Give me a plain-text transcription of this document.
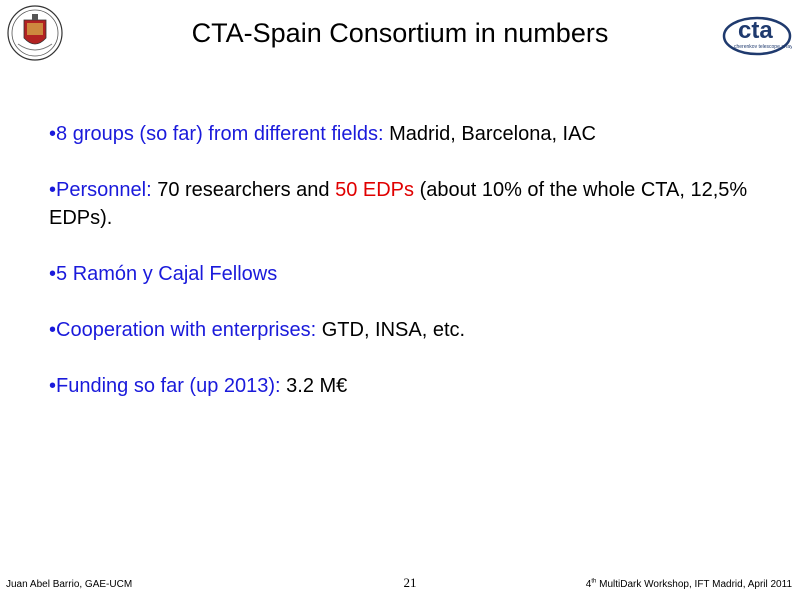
CTA-Spain Consortium in numbers	cta
cherenkov telescope array
•8 groups (so far) from different fields: Madrid, Barcelona, IAC
•Personnel: 70 researchers and 50 EDPs (about 10% of the whole CTA, 12,5% EDPs).
•5 Ramón y Cajal Fellows
•Cooperation with enterprises: GTD, INSA, etc.
•Funding so far (up 2013): 3.2 M€
Juan Abel Barrio, GAE-UCM	21	4th MultiDark Workshop, IFT Madrid, April 2011
